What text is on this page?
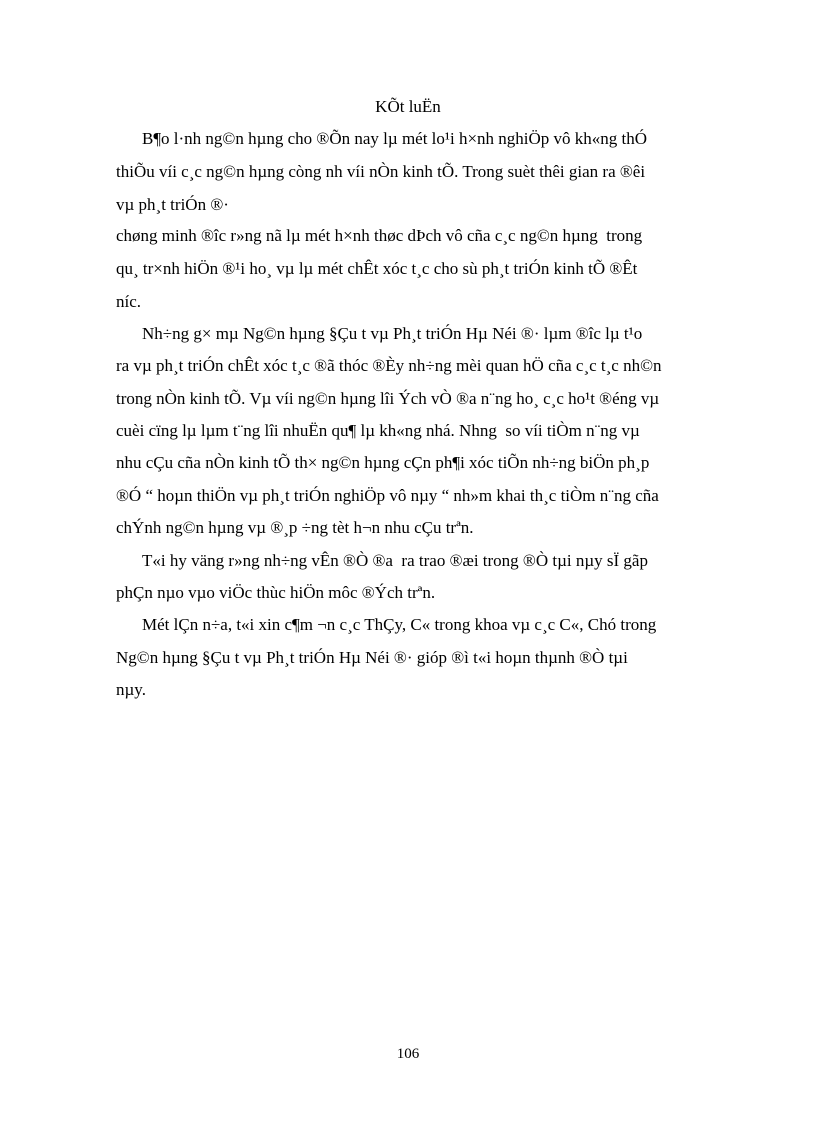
KÕt luËn
B¶o l·nh ng©n hµng cho ®Õn nay lµ mét lo¹i h×nh nghiÖp vô kh«ng thÓ
thiÕu víi c¸c ng©n hµng còng nh víi nÒn kinh tÕ. Trong suèt thêi gian ra ®êi
vµ ph¸t triÓn ®·
chøng minh ®îc r»ng nã lµ mét h×nh thøc dÞch vô cña c¸c ng©n hµng  trong
qu¸ tr×nh hiÖn ®¹i ho¸ vµ lµ mét chÊt xóc t¸c cho sù ph¸t triÓn kinh tÕ ®Êt
níc.
Nh÷ng g× mµ Ng©n hµng §Çu t vµ Ph¸t triÓn Hµ Néi ®· lµm ®îc lµ t¹o
ra vµ ph¸t triÓn chÊt xóc t¸c ®ã thóc ®Èy nh÷ng mèi quan hÖ cña c¸c t¸c nh©n
trong nÒn kinh tÕ. Vµ víi ng©n hµng lîi Ých vÒ ®a n¨ng ho¸ c¸c ho¹t ®éng vµ
cuèi cïng lµ lµm t¨ng lîi nhuËn qu¶ lµ kh«ng nhá. Nhng  so víi tiÒm n¨ng vµ
nhu cÇu cña nÒn kinh tÕ th× ng©n hµng cÇn ph¶i xóc tiÕn nh÷ng biÖn ph¸p
®Ó “ hoµn thiÖn vµ ph¸t triÓn nghiÖp vô nµy “ nh»m khai th¸c tiÒm n¨ng cña
chÝnh ng©n hµng vµ ®¸p ÷ng tèt h¬n nhu cÇu trªn.
T«i hy väng r»ng nh÷ng vÊn ®Ò ®a  ra trao ®æi trong ®Ò tµi nµy sÏ gãp
phÇn nµo vµo viÖc thùc hiÖn môc ®Ých trªn.
Mét lÇn n÷a, t«i xin c¶m ¬n c¸c ThÇy, C« trong khoa vµ c¸c C«, Chó trong
Ng©n hµng §Çu t vµ Ph¸t triÓn Hµ Néi ®· gióp ®ì t«i hoµn thµnh ®Ò tµi
nµy.
106
